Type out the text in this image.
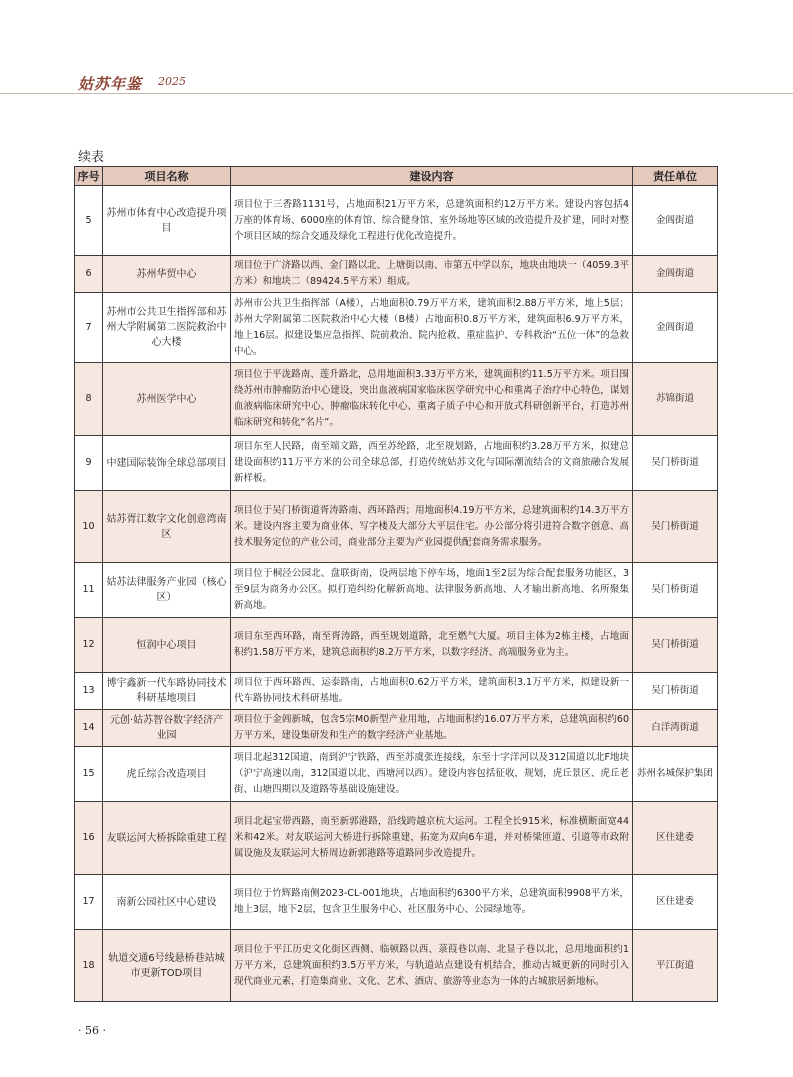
姑苏年鉴 2025
续表
序号	项目名称	建设内容	责任单位
5	苏州市体育中心改造提升项目	项目位于三香路1131号，占地面积21万平方米，总建筑面积约12万平方米。建设内容包括4万座的体育场、6000座的体育馆、综合健身馆、室外场地等区域的改造提升及扩建，同时对整个项目区域的综合交通及绿化工程进行优化改造提升。	金阊街道
6	苏州华贸中心	项目位于广济路以西、金门路以北、上塘街以南、市第五中学以东，地块由地块一（4059.3平方米）和地块二（89424.5平方米）组成。	金阊街道
7	苏州市公共卫生指挥部和苏州大学附属第二医院救治中心大楼	苏州市公共卫生指挥部（A楼），占地面积0.79万平方米，建筑面积2.88万平方米，地上5层；苏州大学附属第二医院救治中心大楼（B楼）占地面积0.8万平方米，建筑面积6.9万平方米，地上16层。拟建设集应急指挥、院前救治、院内抢救、重症监护、专科救治“五位一体”的急救中心。	金阊街道
8	苏州医学中心	项目位于平泷路南、莲升路北，总用地面积3.33万平方米，建筑面积约11.5万平方米。项目围绕苏州市肿瘤防治中心建设，突出血液病国家临床医学研究中心和重离子治疗中心特色，谋划血液病临床研究中心、肿瘤临床转化中心、重离子质子中心和开放式科研创新平台，打造苏州临床研究和转化“名片”。	苏锦街道
9	中建国际装饰全球总部项目	项目东至人民路，南至端文路，西至苏纶路，北至规划路，占地面积约3.28万平方米，拟建总建设面积约11万平方米的公司全球总部，打造传统姑苏文化与国际潮流结合的文商旅融合发展新样板。	吴门桥街道
10	姑苏胥江数字文化创意湾南区	项目位于吴门桥街道胥涛路南、西环路西；用地面积4.19万平方米，总建筑面积约14.3万平方米。建设内容主要为商业体、写字楼及大部分大平层住宅。办公部分将引进符合数字创意、高技术服务定位的产业公司，商业部分主要为产业园提供配套商务需求服务。	吴门桥街道
11	姑苏法律服务产业园（核心区）	项目位于桐泾公园北、盘联街南，设两层地下停车场，地面1至2层为综合配套服务功能区，3至9层为商务办公区。拟打造纠纷化解新高地、法律服务新高地、人才输出新高地、名所聚集新高地。	吴门桥街道
12	恒润中心项目	项目东至西环路，南至胥涛路，西至规划道路，北至燃气大厦。项目主体为2栋主楼，占地面积约1.58万平方米，建筑总面积约8.2万平方米，以数字经济、高端服务业为主。	吴门桥街道
13	博宇鑫新一代车路协同技术科研基地项目	项目位于西环路西、运泰路南，占地面积0.62万平方米，建筑面积3.1万平方米，拟建设新一代车路协同技术科研基地。	吴门桥街道
14	元创·姑苏智谷数字经济产业园	项目位于金阊新城，包含5宗M0新型产业用地，占地面积约16.07万平方米，总建筑面积约60万平方米，建设集研发和生产的数字经济产业基地。	白洋湾街道
15	虎丘综合改造项目	项目北起312国道，南到沪宁铁路，西至苏虞张连接线，东至十字洋河以及312国道以北F地块（沪宁高速以南，312国道以北、西塘河以西）。建设内容包括征收，规划，虎丘景区、虎丘老街、山塘四期以及道路等基础设施建设。	苏州名城保护集团
16	友联运河大桥拆除重建工程	项目北起宝带西路，南至新郭港路，沿线跨越京杭大运河。工程全长915米，标准横断面宽44米和42米。对友联运河大桥进行拆除重建，拓宽为双向6车道，并对桥梁匝道、引道等市政附属设施及友联运河大桥周边新郭港路等道路同步改造提升。	区住建委
17	南新公园社区中心建设	项目位于竹辉路南侧2023-CL-001地块，占地面积约6300平方米，总建筑面积9908平方米，地上3层，地下2层，包含卫生服务中心、社区服务中心、公园绿地等。	区住建委
18	轨道交通6号线悬桥巷站城市更新TOD项目	项目位于平江历史文化街区西侧、临顿路以西、菉葭巷以南、北显子巷以北，总用地面积约1万平方米，总建筑面积约3.5万平方米，与轨道站点建设有机结合，推动古城更新的同时引入现代商业元素，打造集商业、文化、艺术、酒店、旅游等业态为一体的古城旅居新地标。	平江街道
· 56 ·
